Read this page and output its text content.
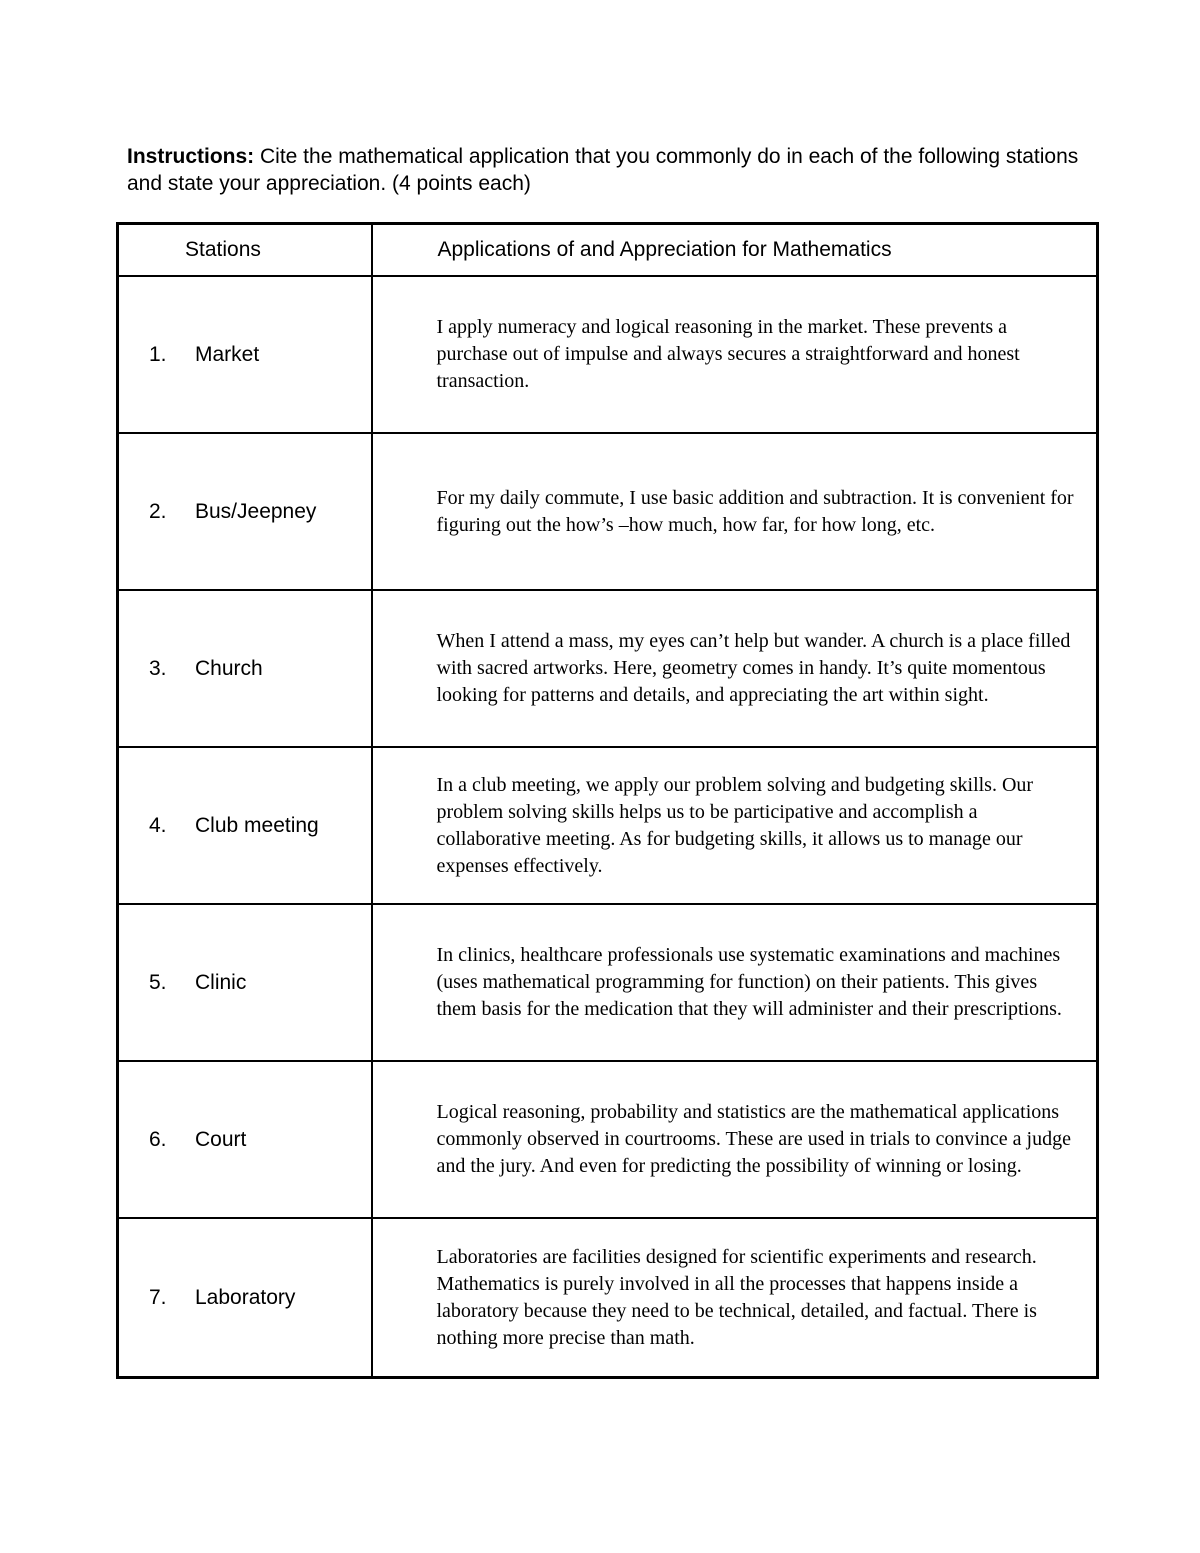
Instructions: Cite the mathematical application that you commonly do in each of the following stations and state your appreciation. (4 points each)

Stations	Applications of and Appreciation for Mathematics
1. Market	I apply numeracy and logical reasoning in the market. These prevents a purchase out of impulse and always secures a straightforward and honest transaction.

2. Bus/Jeepney	For my daily commute, I use basic addition and subtraction. It is convenient for figuring out the how’s –how much, how far, for how long, etc.

3. Church	When I attend a mass, my eyes can’t help but wander. A church is a place filled with sacred artworks. Here, geometry comes in handy. It’s quite momentous looking for patterns and details, and appreciating the art within sight.

4. Club meeting	In a club meeting, we apply our problem solving and budgeting skills. Our problem solving skills helps us to be participative and accomplish a collaborative meeting. As for budgeting skills, it allows us to manage our expenses effectively.

5. Clinic	In clinics, healthcare professionals use systematic examinations and machines (uses mathematical programming for function) on their patients. This gives them basis for the medication that they will administer and their prescriptions.

6. Court	Logical reasoning, probability and statistics are the mathematical applications commonly observed in courtrooms. These are used in trials to convince a judge and the jury. And even for predicting the possibility of winning or losing.

7. Laboratory	Laboratories are facilities designed for scientific experiments and research. Mathematics is purely involved in all the processes that happens inside a laboratory because they need to be technical, detailed, and factual. There is nothing more precise than math.
